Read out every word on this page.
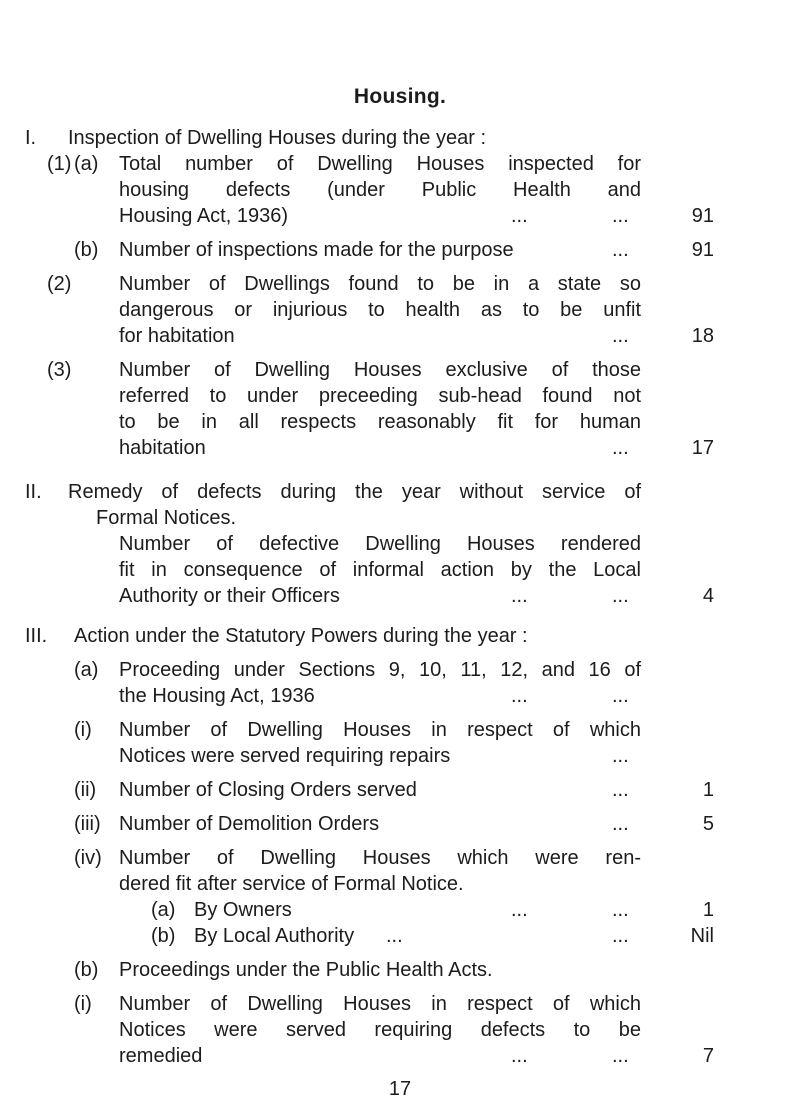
Housing.
I. Inspection of Dwelling Houses during the year :
(1) (a) Total number of Dwelling Houses inspected for
housing defects (under Public Health and
Housing Act, 1936)	...	...	91
(b) Number of inspections made for the purpose	...	91
(2) Number of Dwellings found to be in a state so
dangerous or injurious to health as to be unfit
for habitation	...	18
(3) Number of Dwelling Houses exclusive of those
referred to under preceeding sub-head found not
to be in all respects reasonably fit for human
habitation	...	17
II. Remedy of defects during the year without service of
Formal Notices.
Number of defective Dwelling Houses rendered
fit in consequence of informal action by the Local
Authority or their Officers	...	...	4
III. Action under the Statutory Powers during the year :
(a) Proceeding under Sections 9, 10, 11, 12, and 16 of
the Housing Act, 1936	...	...
(i) Number of Dwelling Houses in respect of which
Notices were served requiring repairs	...
(ii) Number of Closing Orders served	...	1
(iii) Number of Demolition Orders	...	5
(iv) Number of Dwelling Houses which were ren-
dered fit after service of Formal Notice.
(a) By Owners	...	...	1
(b) By Local Authority ...	...	Nil
(b) Proceedings under the Public Health Acts.
(i) Number of Dwelling Houses in respect of which
Notices were served requiring defects to be
remedied	...	...	7
17
